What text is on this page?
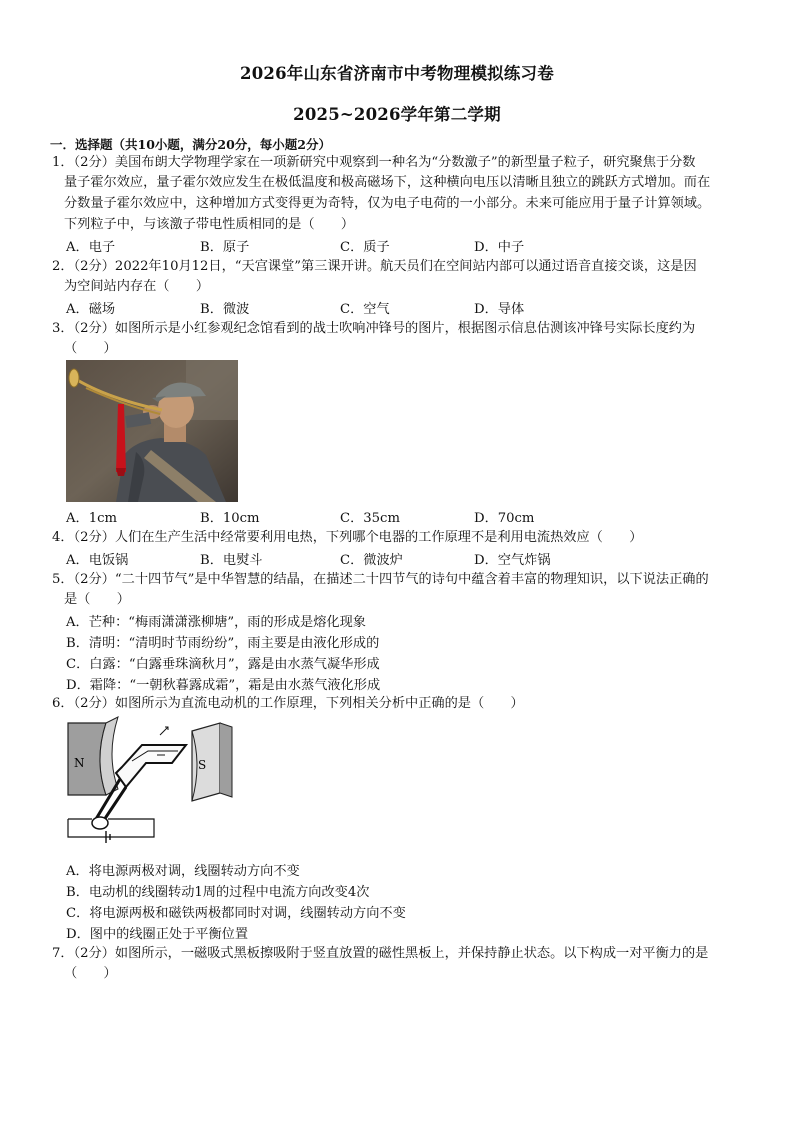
2026年山东省济南市中考物理模拟练习卷
2025~2026学年第二学期
一．选择题（共10小题，满分20分，每小题2分）
1．（2分）美国布朗大学物理学家在一项新研究中观察到一种名为“分数激子”的新型量子粒子，研究聚焦于分数
量子霍尔效应，量子霍尔效应发生在极低温度和极高磁场下，这种横向电压以清晰且独立的跳跃方式增加。而在
分数量子霍尔效应中，这种增加方式变得更为奇特，仅为电子电荷的一小部分。未来可能应用于量子计算领域。
下列粒子中，与该激子带电性质相同的是（　　）
A．电子	B．原子	C．质子	D．中子
2．（2分）2022年10月12日，“天宫课堂”第三课开讲。航天员们在空间站内部可以通过语音直接交谈，这是因
为空间站内存在（　　）
A．磁场	B．微波	C．空气	D．导体
3．（2分）如图所示是小红参观纪念馆看到的战士吹响冲锋号的图片，根据图示信息估测该冲锋号实际长度约为
（　　）
A．1cm	B．10cm	C．35cm	D．70cm
4．（2分）人们在生产生活中经常要利用电热，下列哪个电器的工作原理不是利用电流热效应（　　）
A．电饭锅	B．电熨斗	C．微波炉	D．空气炸锅
5．（2分）“二十四节气”是中华智慧的结晶，在描述二十四节气的诗句中蕴含着丰富的物理知识，以下说法正确的
是（　　）
A．芒种：“梅雨潇潇涨柳塘”，雨的形成是熔化现象
B．清明：“清明时节雨纷纷”，雨主要是由液化形成的
C．白露：“白露垂珠滴秋月”，露是由水蒸气凝华形成
D．霜降：“一朝秋暮露成霜”，霜是由水蒸气液化形成
6．（2分）如图所示为直流电动机的工作原理，下列相关分析中正确的是（　　）
N	S
A．将电源两极对调，线圈转动方向不变
B．电动机的线圈转动1周的过程中电流方向改变4次
C．将电源两极和磁铁两极都同时对调，线圈转动方向不变
D．图中的线圈正处于平衡位置
7．（2分）如图所示，一磁吸式黑板擦吸附于竖直放置的磁性黑板上，并保持静止状态。以下构成一对平衡力的是
（　　）
